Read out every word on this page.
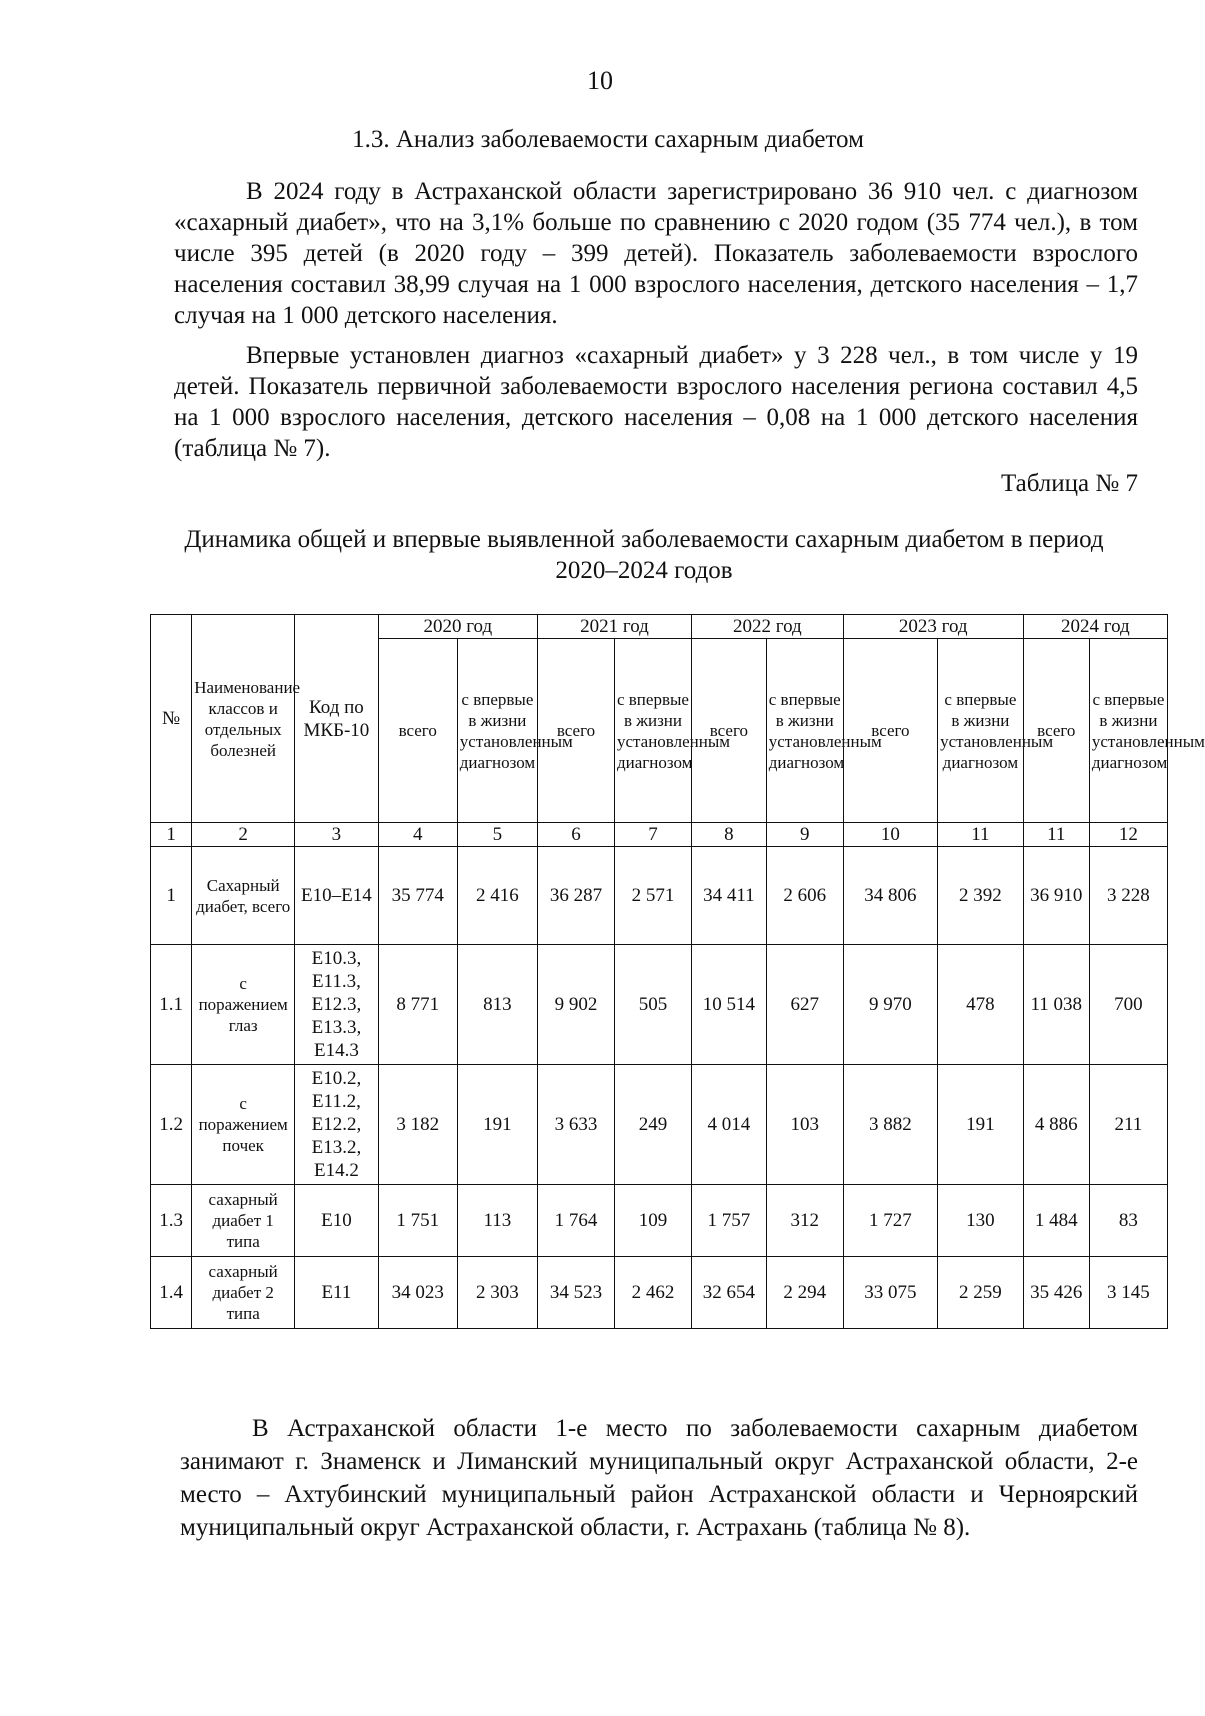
10
1.3. Анализ заболеваемости сахарным диабетом

В 2024 году в Астраханской области зарегистрировано 36 910 чел. с диагнозом «сахарный диабет», что на 3,1% больше по сравнению с 2020 годом (35 774 чел.), в том числе 395 детей (в 2020 году – 399 детей). Показатель заболеваемости взрослого населения составил 38,99 случая на 1 000 взрослого населения, детского населения – 1,7 случая на 1 000 детского населения.

Впервые установлен диагноз «сахарный диабет» у 3 228 чел., в том числе у 19 детей. Показатель первичной заболеваемости взрослого населения региона составил 4,5 на 1 000 взрослого населения, детского населения – 0,08 на 1 000 детского населения (таблица № 7).

Таблица № 7
Динамика общей и впервые выявленной заболеваемости сахарным диабетом в период 2020–2024 годов
№	Наименование классов и отдельных болезней	Код по МКБ-10	2020 год		2021 год		2022 год		2023 год		2024 год	
			всего	с впервые в жизни установленным диагнозом	всего	с впервые в жизни установленным диагнозом	всего	с впервые в жизни установленным диагнозом	всего	с впервые в жизни установленным диагнозом	всего	с впервые в жизни установленным диагнозом
1	2	3	4	5	6	7	8	9	10	11	11	12
1	Сахарный диабет, всего	E10–E14	35 774	2 416	36 287	2 571	34 411	2 606	34 806	2 392	36 910	3 228
1.1	с поражением глаз	E10.3, E11.3, E12.3, E13.3, E14.3	8 771	813	9 902	505	10 514	627	9 970	478	11 038	700
1.2	с поражением почек	E10.2, E11.2, E12.2, E13.2, E14.2	3 182	191	3 633	249	4 014	103	3 882	191	4 886	211
1.3	сахарный диабет 1 типа	E10	1 751	113	1 764	109	1 757	312	1 727	130	1 484	83
1.4	сахарный диабет 2 типа	E11	34 023	2 303	34 523	2 462	32 654	2 294	33 075	2 259	35 426	3 145

В Астраханской области 1-е место по заболеваемости сахарным диабетом занимают г. Знаменск и Лиманский муниципальный округ Астраханской области, 2-е место – Ахтубинский муниципальный район Астраханской области и Черноярский муниципальный округ Астраханской области, г. Астрахань (таблица № 8).
